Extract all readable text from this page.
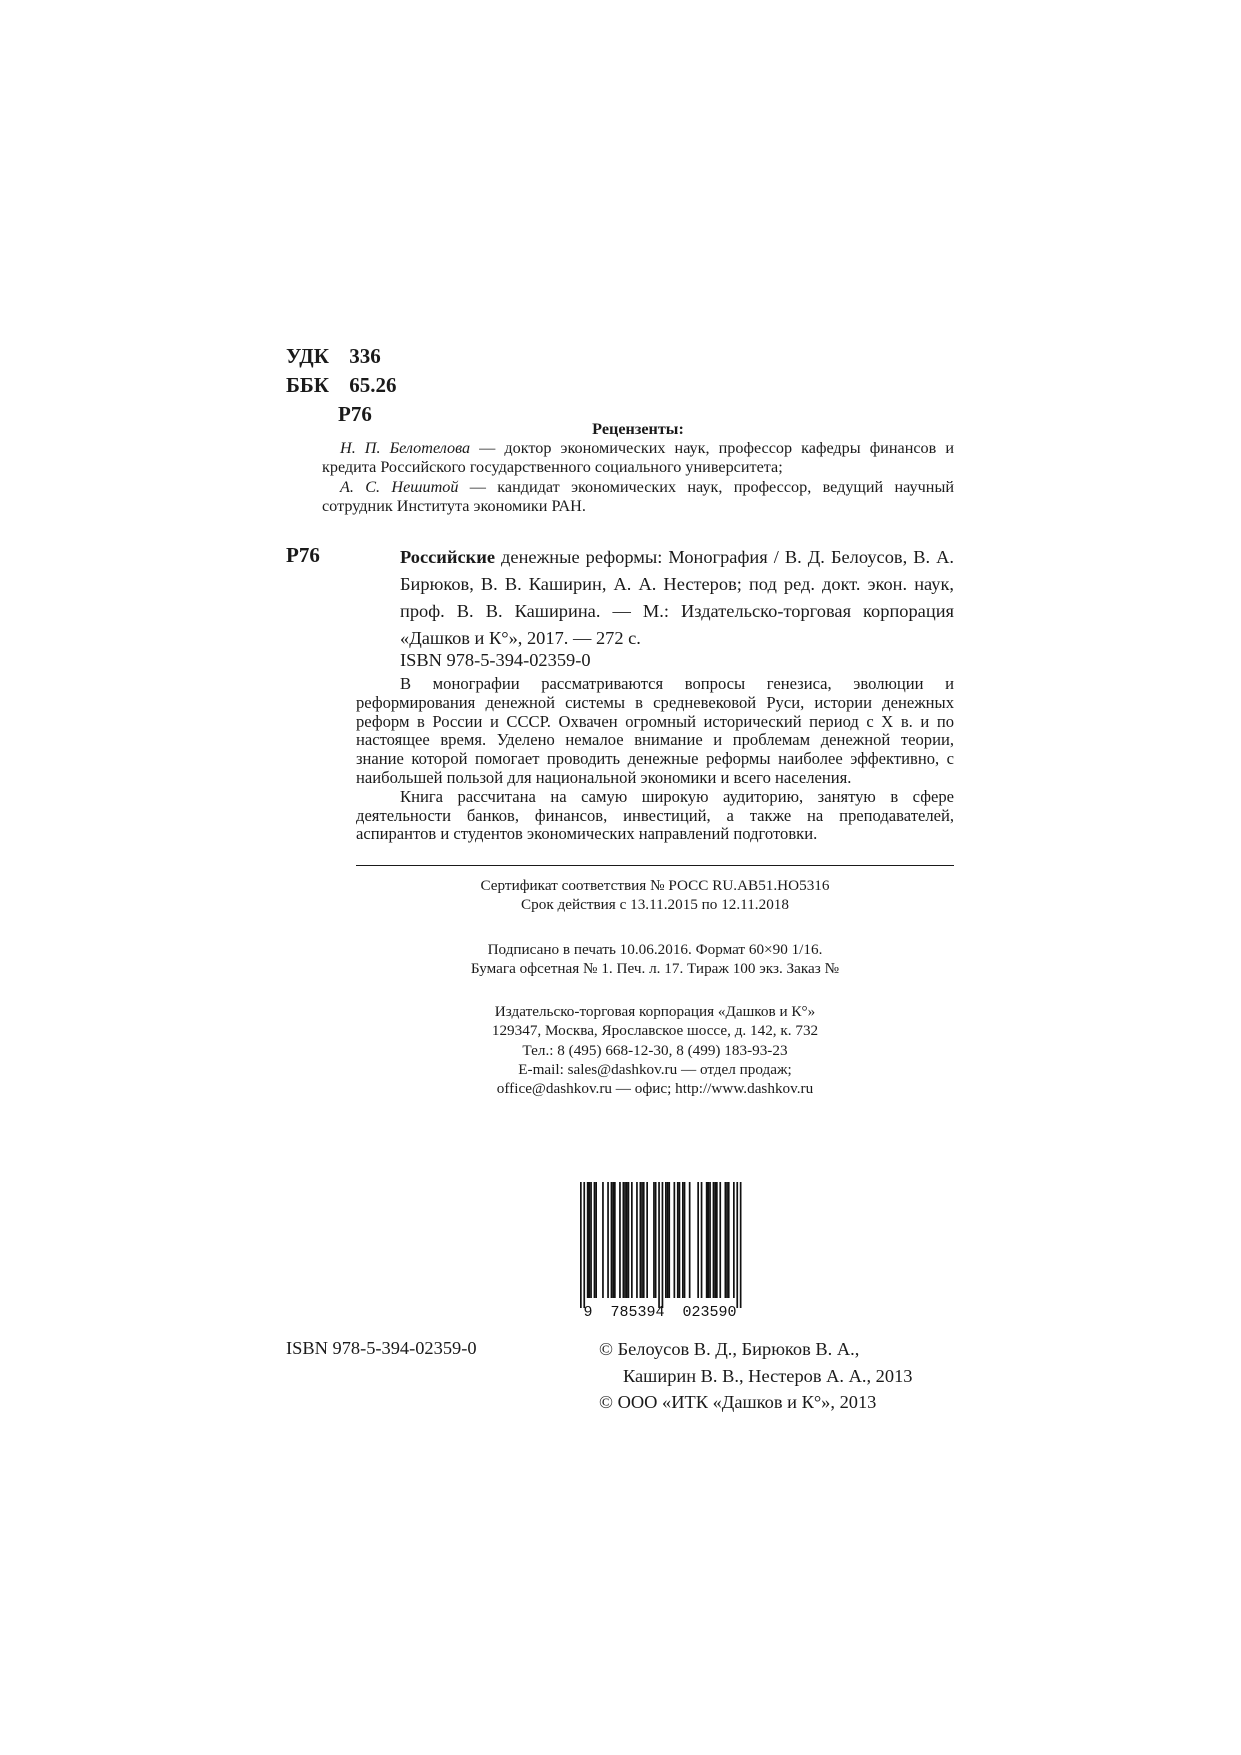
УДК 336
ББК 65.26
Р76
Рецензенты:

Н. П. Белотелова — доктор экономических наук, профессор кафедры финансов и кредита Российского государственного социального университета;

А. С. Нешитой — кандидат экономических наук, профессор, ведущий научный сотрудник Института экономики РАН.

Р76	Российские денежные реформы: Монография / В. Д. Белоусов, В. А. Бирюков, В. В. Каширин, А. А. Нестеров; под ред. докт. экон. наук, проф. В. В. Каширина. — М.: Издательско-торговая корпорация «Дашков и К°», 2017. — 272 с.
ISBN 978-5-394-02359-0

В монографии рассматриваются вопросы генезиса, эволюции и реформирования денежной системы в средневековой Руси, истории денежных реформ в России и СССР. Охвачен огромный исторический период с X в. и по настоящее время. Уделено немалое внимание и проблемам денежной теории, знание которой помогает проводить денежные реформы наиболее эффективно, с наибольшей пользой для национальной экономики и всего населения.

Книга рассчитана на самую широкую аудиторию, занятую в сфере деятельности банков, финансов, инвестиций, а также на преподавателей, аспирантов и студентов экономических направлений подготовки.

Сертификат соответствия № РОСС RU.AB51.HO5316
Срок действия с 13.11.2015 по 12.11.2018
Подписано в печать 10.06.2016. Формат 60×90 1/16.
Бумага офсетная № 1. Печ. л. 17. Тираж 100 экз. Заказ №
Издательско-торговая корпорация «Дашков и К°»
129347, Москва, Ярославское шоссе, д. 142, к. 732
Тел.: 8 (495) 668-12-30, 8 (499) 183-93-23
E-mail: sales@dashkov.ru — отдел продаж;
office@dashkov.ru — офис; http://www.dashkov.ru
9  785394  023590
ISBN 978-5-394-02359-0	© Белоусов В. Д., Бирюков В. А.,
Каширин В. В., Нестеров А. А., 2013
© ООО «ИТК «Дашков и К°», 2013
